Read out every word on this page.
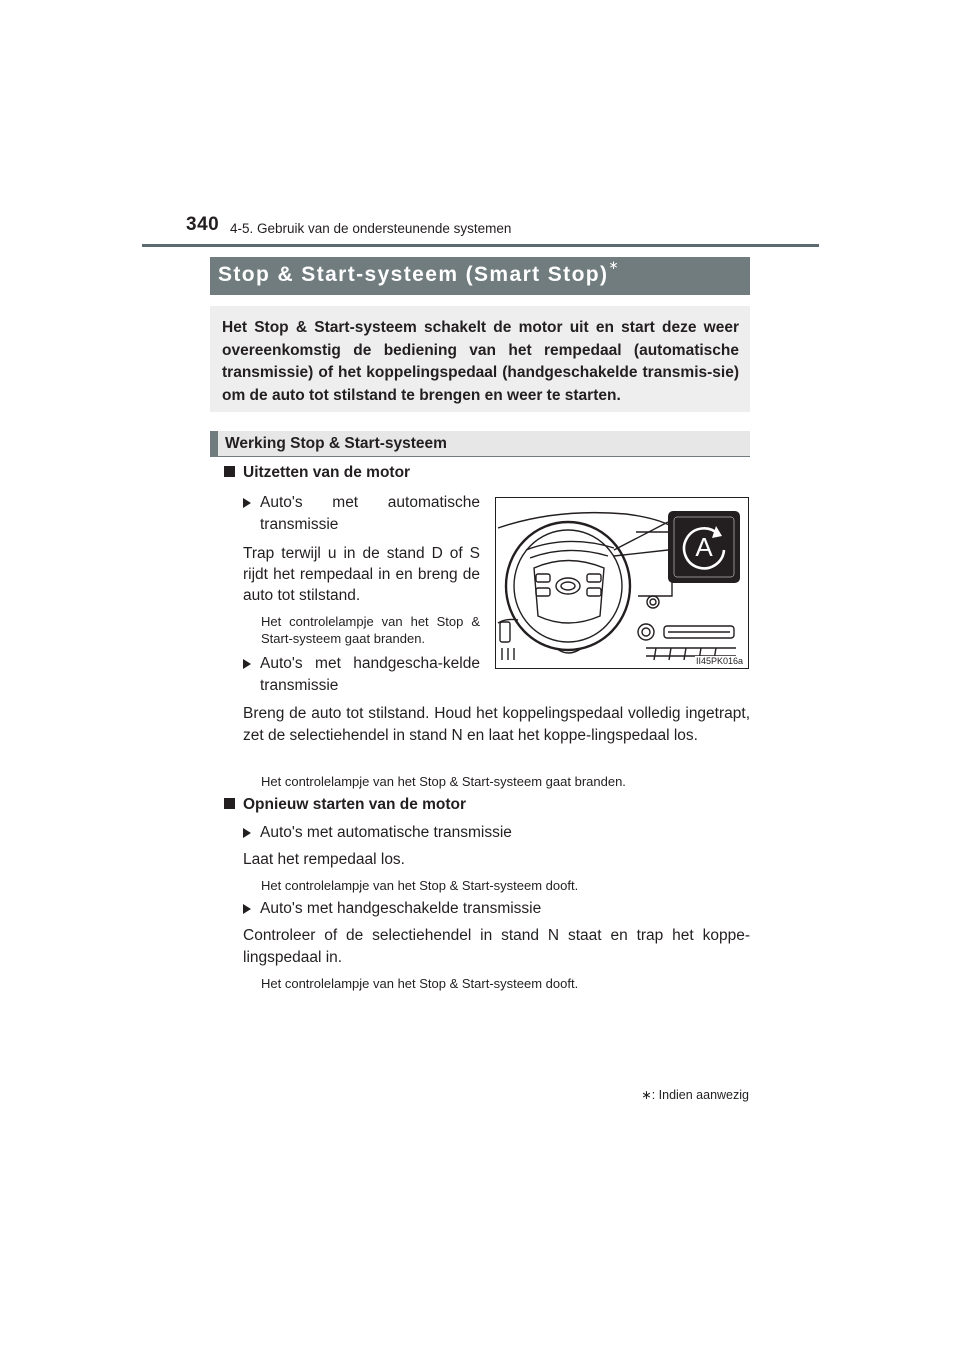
340 4-5. Gebruik van de ondersteunende systemen
Stop & Start-systeem (Smart Stop)∗
Het Stop & Start-systeem schakelt de motor uit en start deze weer overeenkomstig de bediening van het rempedaal (automatische transmissie) of het koppelingspedaal (handgeschakelde transmis-sie) om de auto tot stilstand te brengen en weer te starten.
Werking Stop & Start-systeem
Uitzetten van de motor
Auto's met automatische transmissie
Trap terwijl u in de stand D of S rijdt het rempedaal in en breng de auto tot stilstand.
Het controlelampje van het Stop & Start-systeem gaat branden.
Auto's met handgescha-kelde transmissie
Breng de auto tot stilstand. Houd het koppelingspedaal volledig ingetrapt, zet de selectiehendel in stand N en laat het koppe-lingspedaal los.
Het controlelampje van het Stop & Start-systeem gaat branden.
Opnieuw starten van de motor
Auto's met automatische transmissie
Laat het rempedaal los.
Het controlelampje van het Stop & Start-systeem dooft.
Auto's met handgeschakelde transmissie
Controleer of de selectiehendel in stand N staat en trap het koppe-lingspedaal in.
Het controlelampje van het Stop & Start-systeem dooft.
A
II45PK016a
∗: Indien aanwezig
